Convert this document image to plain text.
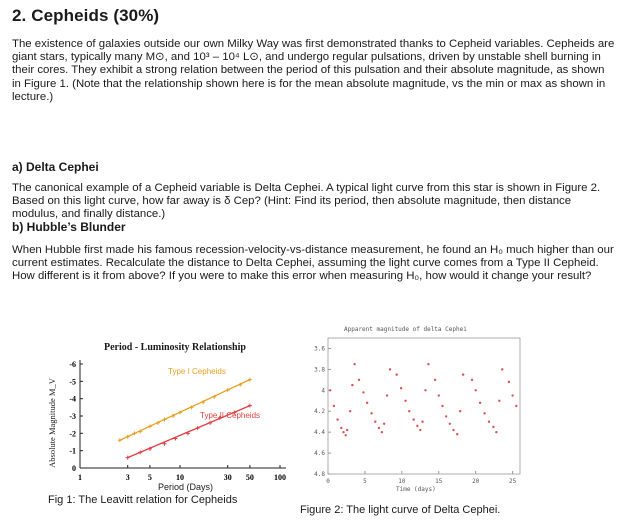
2. Cepheids (30%)

The existence of galaxies outside our own Milky Way was first demonstrated thanks to Cepheid variables. Cepheids are giant stars, typically many M⊙, and 10³ – 10⁴ L⊙, and undergo regular pulsations, driven by unstable shell burning in their cores. They exhibit a strong relation between the period of this pulsation and their absolute magnitude, as shown in Figure 1. (Note that the relationship shown here is for the mean absolute magnitude, vs the min or max as shown in lecture.)

a) Delta Cephei

The canonical example of a Cepheid variable is Delta Cephei. A typical light curve from this star is shown in Figure 2. Based on this light curve, how far away is δ Cep? (Hint: Find its period, then absolute magnitude, then distance modulus, and finally distance.)

b) Hubble’s Blunder

When Hubble first made his famous recession-velocity-vs-distance measurement, he found an H₀ much higher than our current estimates. Recalculate the distance to Delta Cephei, assuming the light curve comes from a Type II Cepheid. How different is it from above? If you were to make this error when measuring H₀, how would it change your result?

1	3 5	10	30 50	100
-6
-5
-4
-3
-2
-1
0
Period - Luminosity Relationship
Absolute Magnitude M_V
Period (Days)
Type I Cepheids
Type II Cepheids
Fig 1: The Leavitt relation for Cepheids
0	5	10	15	20	25
3.6
3.8
4
4.2
4.4
4.6
4.8
Apparent magnitude of delta Cephei
Time (days)
Figure 2: The light curve of Delta Cephei.
